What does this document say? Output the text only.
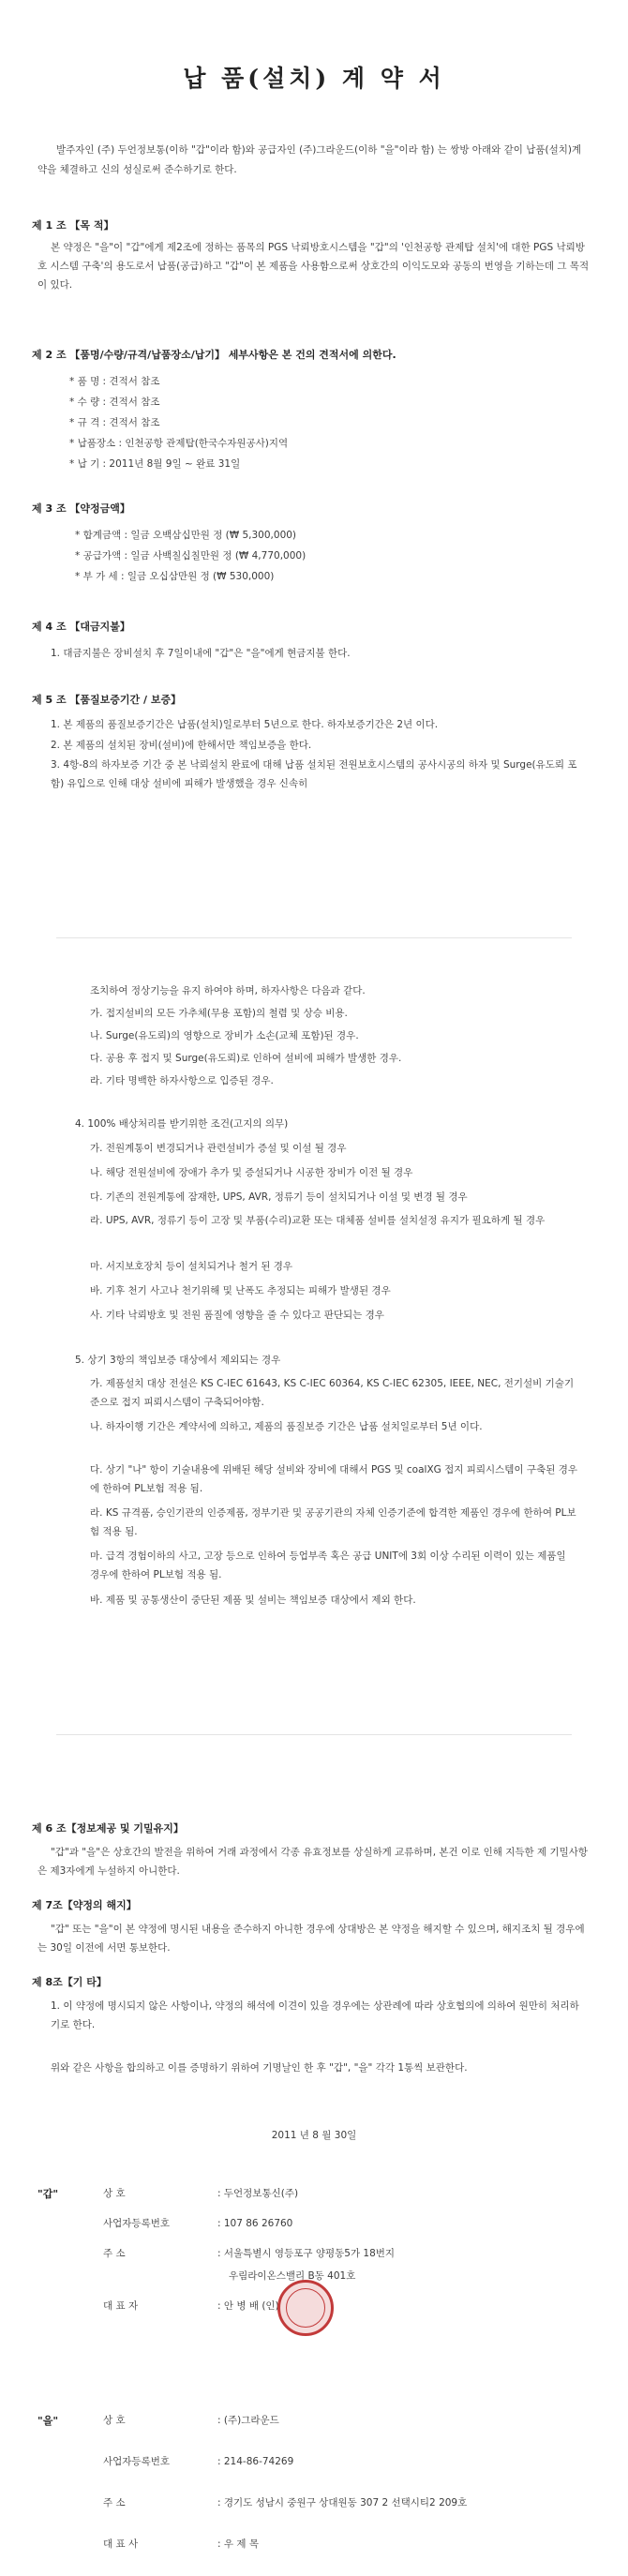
납 품(설치) 계 약 서
발주자인 (주) 두언정보통(이하 "갑"이라 함)와 공급자인 (주)그라운드(이하 "을"이라 함) 는 쌍방 아래와 같이 납품(설치)계약을 체결하고 신의 성실로써 준수하기로 한다.
제 1 조 【목 적】
본 약정은 "을"이 "갑"에게 제2조에 정하는 품목의 PGS 낙뢰방호시스템을 "갑"의 '인천공항 관제탑 설치'에 대한 PGS 낙뢰방호 시스템 구축'의 용도로서 납품(공급)하고 "갑"이 본 제품을 사용함으로써 상호간의 이익도모와 공동의 번영을 기하는데 그 목적이 있다.
제 2 조 【품명/수량/규격/납품장소/납기】 세부사항은 본 건의 견적서에 의한다.
* 품 명 : 견적서 참조
* 수 량 : 견적서 참조
* 규 격 : 견적서 참조
* 납품장소 : 인천공항 관제탑(한국수자원공사)지역
* 납 기 : 2011년 8월 9일 ~ 완료 31일
제 3 조 【약정금액】
* 합계금액 : 일금 오백삼십만원 정 (₩ 5,300,000)
* 공급가액 : 일금 사백칠십칠만원 정 (₩ 4,770,000)
* 부 가 세 : 일금 오십삼만원 정 (₩ 530,000)
제 4 조 【대금지불】
1. 대금지불은 장비설치 후 7일이내에 "갑"은 "을"에게 현금지불 한다.
제 5 조 【품질보증기간 / 보증】
1. 본 제품의 품질보증기간은 납품(설치)일로부터 5년으로 한다. 하자보증기간은 2년 이다.
2. 본 제품의 설치된 장비(설비)에 한해서만 책임보증을 한다.
3. 4항-8의 하자보증 기간 중 본 낙뢰설치 완료에 대해 납품 설치된 전원보호시스템의 공사시공의 하자 및 Surge(유도뢰 포함) 유입으로 인해 대상 설비에 피해가 발생했을 경우 신속히
조치하여 정상기능을 유지 하여야 하며, 하자사항은 다음과 같다.
가. 접지설비의 모든 가추체(무용 포함)의 철렴 및 상승 비용.
나. Surge(유도뢰)의 영향으로 장비가 소손(교체 포함)된 경우.
다. 공용 후 접지 및 Surge(유도뢰)로 인하여 설비에 피해가 발생한 경우.
라. 기타 명백한 하자사항으로 입증된 경우.
4. 100% 배상처리를 받기위한 조건(고지의 의무)
가. 전원계통이 변경되거나 관련설비가 증설 및 이설 될 경우
나. 해당 전원설비에 장애가 추가 및 증설되거나 시공한 장비가 이전 될 경우
다. 기존의 전원계통에 잠재한, UPS, AVR, 정류기 등이 설치되거나 이설 및 변경 될 경우
라. UPS, AVR, 정류기 등이 고장 및 부품(수리)교환 또는 대체품 설비를 설치설정 유지가 필요하게 될 경우
마. 서지보호장치 등이 설치되거나 철거 된 경우
바. 기후 천기 사고나 천기위해 및 난폭도 추정되는 피해가 발생된 경우
사. 기타 낙뢰방호 및 전원 품질에 영향을 줄 수 있다고 판단되는 경우
5. 상기 3항의 책임보증 대상에서 제외되는 경우
가. 제품설치 대상 전설은 KS C-IEC 61643, KS C-IEC 60364, KS C-IEC 62305, IEEE, NEC, 전기설비 기술기준으로 접지 피뢰시스템이 구축되어야함.
나. 하자이행 기간은 계약서에 의하고, 제품의 품질보증 기간은 납품 설치일로부터 5년 이다.
다. 상기 "나" 항이 기술내용에 위배된 해당 설비와 장비에 대해서 PGS 및 coalXG 접지 피뢰시스템이 구축된 경우에 한하여 PL보험 적용 됨.
라. KS 규격품, 승인기관의 인증제품, 정부기관 및 공공기관의 자체 인증기준에 합격한 제품인 경우에 한하여 PL보험 적용 됨.
마. 급격 경험이하의 사고, 고장 등으로 인하여 등업부족 혹은 공급 UNIT에 3회 이상 수리된 이력이 있는 제품일 경우에 한하여 PL보험 적용 됨.
바. 제품 및 공통생산이 중단된 제품 및 설비는 책임보증 대상에서 제외 한다.
제 6 조【정보제공 및 기밀유지】
"갑"과 "을"은 상호간의 발전을 위하여 거래 과정에서 각종 유효정보를 상실하게 교류하며, 본건 이로 인해 지득한 제 기밀사항은 제3자에게 누설하지 아니한다.
제 7조【약정의 해지】
"갑" 또는 "을"이 본 약정에 명시된 내용을 준수하지 아니한 경우에 상대방은 본 약정을 해지할 수 있으며, 해지조치 될 경우에는 30일 이전에 서면 통보한다.
제 8조【기 타】
1. 이 약정에 명시되지 않은 사항이나, 약정의 해석에 이견이 있을 경우에는 상관례에 따라 상호협의에 의하여 원만히 처리하기로 한다.
위와 같은 사항을 합의하고 이를 증명하기 위하여 기명날인 한 후 "갑", "을" 각각 1통씩 보관한다.
2011 년 8 월 30일
"갑"	상 호	: 두언정보통신(주)
사업자등록번호	: 107 86 26760
주 소	: 서울특별시 영등포구 양평동5가 18번지
우림라이온스밸리 B동 401호
대 표 자	: 안 병 배 (인)
"을"	상 호	: (주)그라운드
사업자등록번호	: 214-86-74269
주 소	: 경기도 성남시 중원구 상대원동 307 2 선택시티2 209호
대 표 사	: 우 제 목
